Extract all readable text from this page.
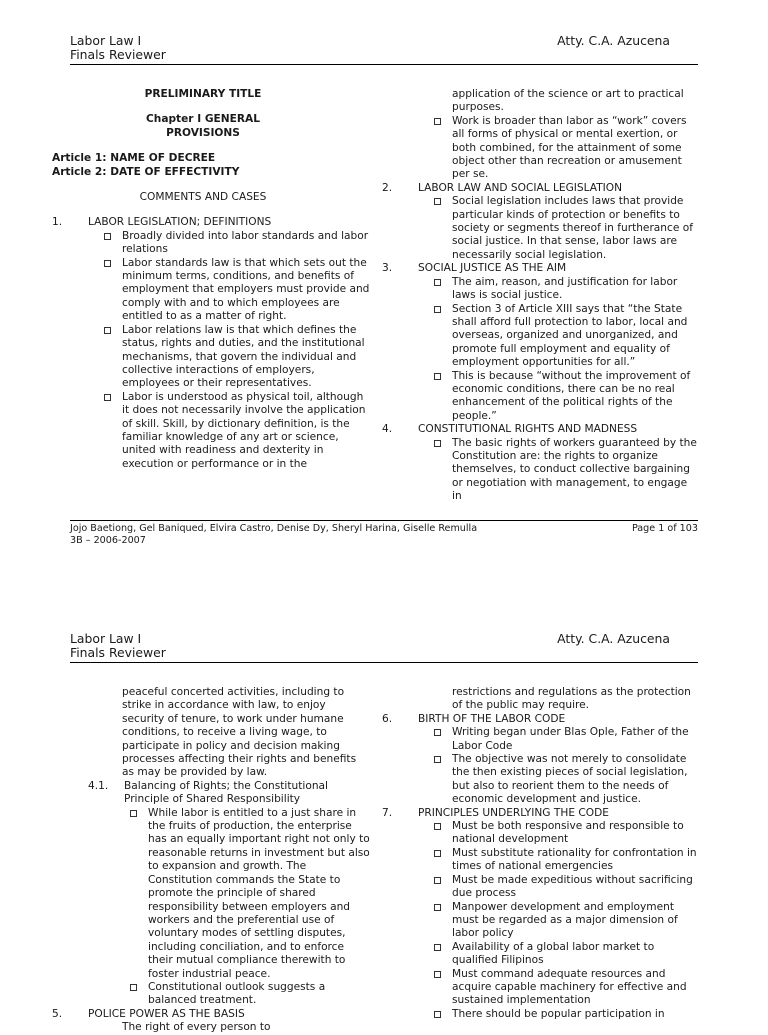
Labor Law I
Finals Reviewer
Atty. C.A. Azucena
PRELIMINARY TITLE
Chapter I GENERAL
PROVISIONS
Article 1: NAME OF DECREE
Article 2: DATE OF EFFECTIVITY
COMMENTS AND CASES
1. LABOR LEGISLATION; DEFINITIONS
Broadly divided into labor standards and labor relations
Labor standards law is that which sets out the minimum terms, conditions, and benefits of employment that employers must provide and comply with and to which employees are entitled to as a matter of right.
Labor relations law is that which defines the status, rights and duties, and the institutional mechanisms, that govern the individual and collective interactions of employers, employees or their representatives.
Labor is understood as physical toil, although it does not necessarily involve the application of skill. Skill, by dictionary definition, is the familiar knowledge of any art or science, united with readiness and dexterity in execution or performance or in the
application of the science or art to practical purposes.
Work is broader than labor as “work” covers all forms of physical or mental exertion, or both combined, for the attainment of some object other than recreation or amusement per se.
2. LABOR LAW AND SOCIAL LEGISLATION
Social legislation includes laws that provide particular kinds of protection or benefits to society or segments thereof in furtherance of social justice. In that sense, labor laws are necessarily social legislation.
3. SOCIAL JUSTICE AS THE AIM
The aim, reason, and justification for labor laws is social justice.
Section 3 of Article XIII says that “the State shall afford full protection to labor, local and overseas, organized and unorganized, and promote full employment and equality of employment opportunities for all.”
This is because “without the improvement of economic conditions, there can be no real enhancement of the political rights of the people.”
4. CONSTITUTIONAL RIGHTS AND MADNESS
The basic rights of workers guaranteed by the Constitution are: the rights to organize themselves, to conduct collective bargaining or negotiation with management, to engage in
Jojo Baetiong, Gel Baniqued, Elvira Castro, Denise Dy, Sheryl Harina, Giselle Remulla
3B – 2006-2007
Page 1 of 103
Labor Law I
Finals Reviewer
Atty. C.A. Azucena
peaceful concerted activities, including to strike in accordance with law, to enjoy security of tenure, to work under humane conditions, to receive a living wage, to participate in policy and decision making processes affecting their rights and benefits as may be provided by law.
4.1. Balancing of Rights; the Constitutional Principle of Shared Responsibility
While labor is entitled to a just share in the fruits of production, the enterprise has an equally important right not only to reasonable returns in investment but also to expansion and growth. The Constitution commands the State to promote the principle of shared responsibility between employers and workers and the preferential use of voluntary modes of settling disputes, including conciliation, and to enforce their mutual compliance therewith to foster industrial peace.
Constitutional outlook suggests a balanced treatment.
5. POLICE POWER AS THE BASIS
The right of every person to
restrictions and regulations as the protection of the public may require.
6. BIRTH OF THE LABOR CODE
Writing began under Blas Ople, Father of the Labor Code
The objective was not merely to consolidate the then existing pieces of social legislation, but also to reorient them to the needs of economic development and justice.
7. PRINCIPLES UNDERLYING THE CODE
Must be both responsive and responsible to national development
Must substitute rationality for confrontation in times of national emergencies
Must be made expeditious without sacrificing due process
Manpower development and employment must be regarded as a major dimension of labor policy
Availability of a global labor market to qualified Filipinos
Must command adequate resources and acquire capable machinery for effective and sustained implementation
There should be popular participation in
